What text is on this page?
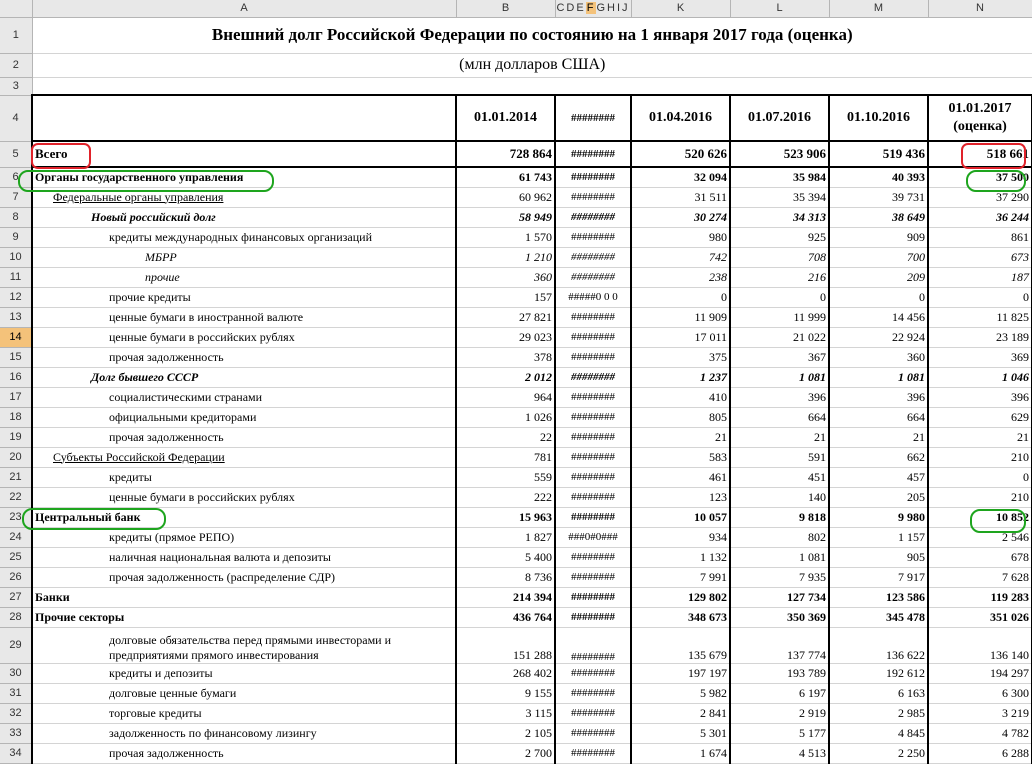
	A	B	CDEFGHIJ	K	L	M	N
1	Внешний долг Российской Федерации по состоянию на 1 января 2017 года (оценка)						
2	(млн долларов США)						
3							
4		01.01.2014	########	01.04.2016	01.07.2016	01.10.2016	01.01.2017
(оценка)

5	Всего	728 864	########	520 626	523 906	519 436	518 661
6	Органы государственного управления	61 743	########	32 094	35 984	40 393	37 500
7	Федеральные органы управления	60 962	########	31 511	35 394	39 731	37 290
8	Новый российский долг	58 949	########	30 274	34 313	38 649	36 244
9	кредиты международных финансовых организаций	1 570	########	980	925	909	861
10	МБРР	1 210	########	742	708	700	673
11	прочие	360	########	238	216	209	187
12	прочие кредиты	157	#####0 0 0	0	0	0	0
13	ценные бумаги в иностранной валюте	27 821	########	11 909	11 999	14 456	11 825
14	ценные бумаги в российских рублях	29 023	########	17 011	21 022	22 924	23 189
15	прочая задолженность	378	########	375	367	360	369
16	Долг бывшего СССР	2 012	########	1 237	1 081	1 081	1 046
17	социалистическими странами	964	########	410	396	396	396
18	официальными кредиторами	1 026	########	805	664	664	629
19	прочая задолженность	22	########	21	21	21	21
20	Субъекты Российской Федерации	781	########	583	591	662	210
21	кредиты	559	########	461	451	457	0
22	ценные бумаги в российских рублях	222	########	123	140	205	210
23	Центральный банк	15 963	########	10 057	9 818	9 980	10 852
24	кредиты (прямое РЕПО)	1 827	###0#0###	934	802	1 157	2 546
25	наличная национальная валюта и депозиты	5 400	########	1 132	1 081	905	678
26	прочая задолженность (распределение СДР)	8 736	########	7 991	7 935	7 917	7 628
27	Банки	214 394	########	129 802	127 734	123 586	119 283
28	Прочие секторы	436 764	########	348 673	350 369	345 478	351 026
29	долговые обязательства перед прямыми инвесторами и предприятиями прямого инвестирования	151 288	########	135 679	137 774	136 622	136 140
30	кредиты и депозиты	268 402	########	197 197	193 789	192 612	194 297
31	долговые ценные бумаги	9 155	########	5 982	6 197	6 163	6 300
32	торговые кредиты	3 115	########	2 841	2 919	2 985	3 219
33	задолженность по финансовому лизингу	2 105	########	5 301	5 177	4 845	4 782
34	прочая задолженность	2 700	########	1 674	4 513	2 250	6 288
